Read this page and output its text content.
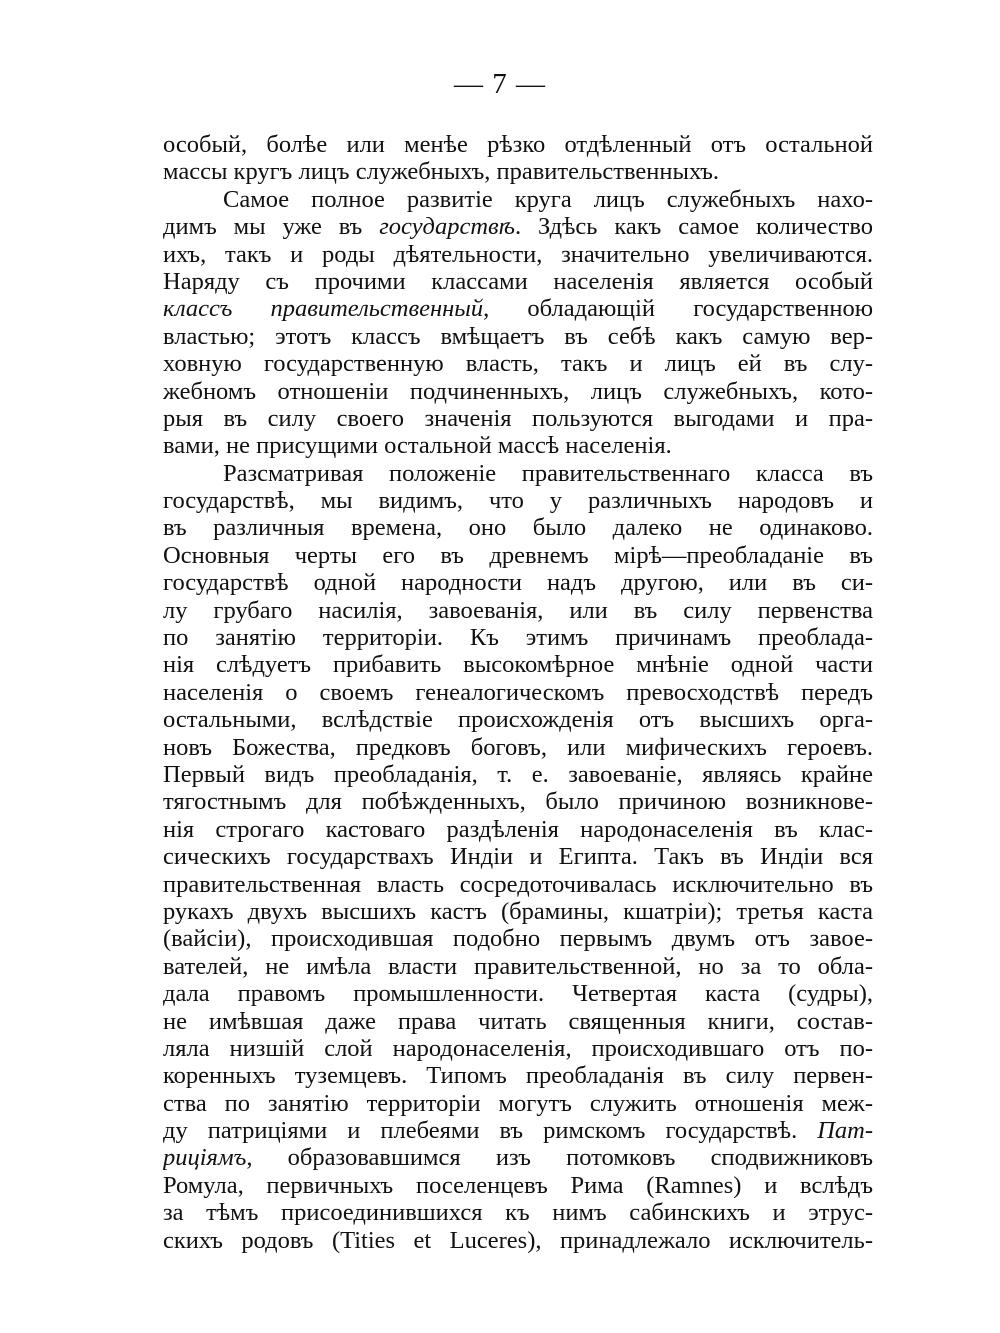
— 7 —
особый, болѣе или менѣе рѣзко отдѣленный отъ остальной
массы кругъ лицъ служебныхъ, правительственныхъ.
Самое полное развитіе круга лицъ служебныхъ нахо-
димъ мы уже въ государствѣ. Здѣсь какъ самое количество
ихъ, такъ и роды дѣятельности, значительно увеличиваются.
Наряду съ прочими классами населенія является особый
классъ правительственный, обладающій государственною
властью; этотъ классъ вмѣщаетъ въ себѣ какъ самую вер-
ховную государственную власть, такъ и лицъ ей въ слу-
жебномъ отношеніи подчиненныхъ, лицъ служебныхъ, кото-
рыя въ силу своего значенія пользуются выгодами и пра-
вами, не присущими остальной массѣ населенія.
Разсматривая положеніе правительственнаго класса въ
государствѣ, мы видимъ, что у различныхъ народовъ и
въ различныя времена, оно было далеко не одинаково.
Основныя черты его въ древнемъ мірѣ—преобладаніе въ
государствѣ одной народности надъ другою, или въ си-
лу грубаго насилія, завоеванія, или въ силу первенства
по занятію территоріи. Къ этимъ причинамъ преоблада-
нія слѣдуетъ прибавить высокомѣрное мнѣніе одной части
населенія о своемъ генеалогическомъ превосходствѣ передъ
остальными, вслѣдствіе происхожденія отъ высшихъ орга-
новъ Божества, предковъ боговъ, или мифическихъ героевъ.
Первый видъ преобладанія, т. е. завоеваніе, являясь крайне
тягостнымъ для побѣжденныхъ, было причиною возникнове-
нія строгаго кастоваго раздѣленія народонаселенія въ клас-
сическихъ государствахъ Индіи и Египта. Такъ въ Индіи вся
правительственная власть сосредоточивалась исключительно въ
рукахъ двухъ высшихъ кастъ (брамины, кшатріи); третья каста
(вайсіи), происходившая подобно первымъ двумъ отъ завое-
вателей, не имѣла власти правительственной, но за то обла-
дала правомъ промышленности. Четвертая каста (судры),
не имѣвшая даже права читать священныя книги, состав-
ляла низшій слой народонаселенія, происходившаго отъ по-
коренныхъ туземцевъ. Типомъ преобладанія въ силу первен-
ства по занятію территоріи могутъ служить отношенія меж-
ду патриціями и плебеями въ римскомъ государствѣ. Пат-
риціямъ, образовавшимся изъ потомковъ сподвижниковъ
Ромула, первичныхъ поселенцевъ Рима (Ramnes) и вслѣдъ
за тѣмъ присоединившихся къ нимъ сабинскихъ и этрус-
скихъ родовъ (Tities et Luceres), принадлежало исключитель-
